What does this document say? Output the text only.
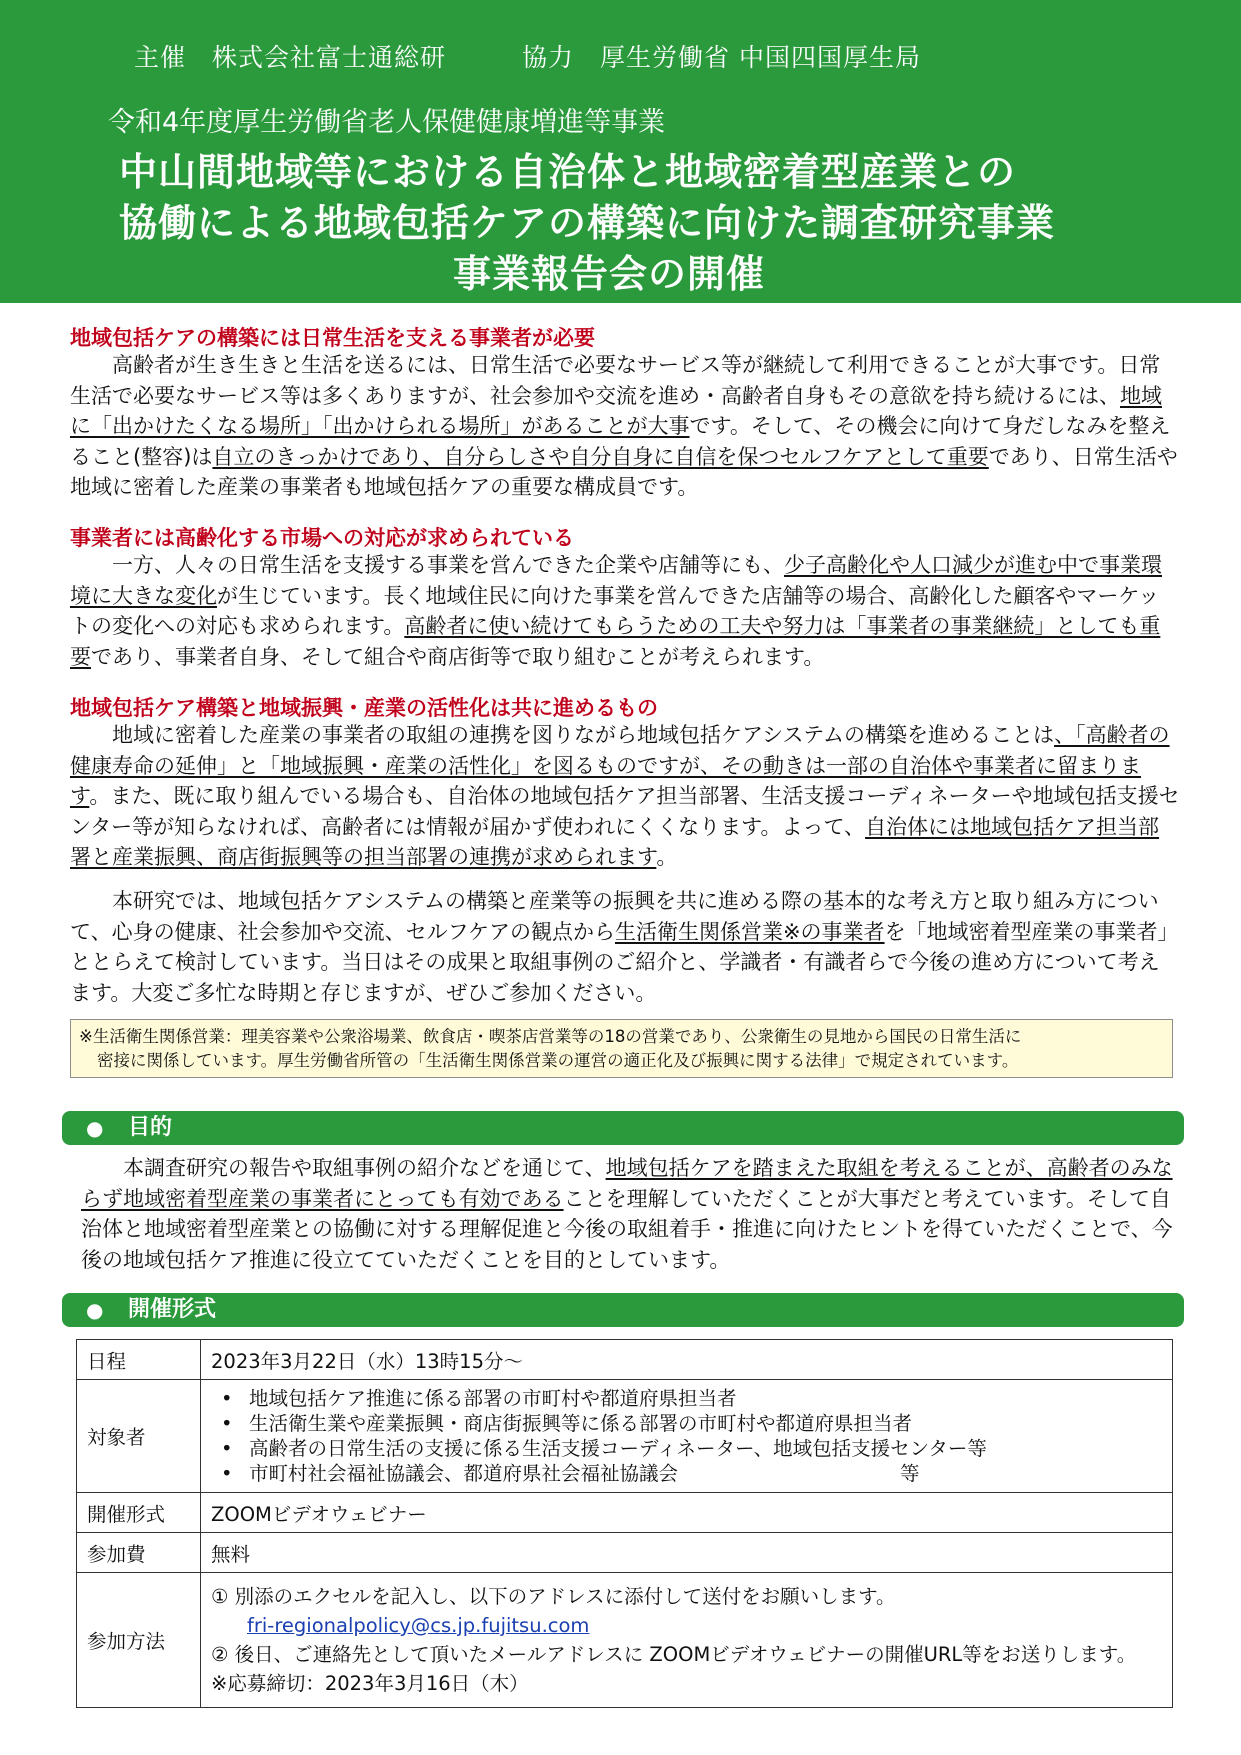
主催　株式会社富士通総研	協力　厚生労働省 中国四国厚生局
令和4年度厚生労働省老人保健健康増進等事業
中山間地域等における自治体と地域密着型産業との
協働による地域包括ケアの構築に向けた調査研究事業
事業報告会の開催
地域包括ケアの構築には日常生活を支える事業者が必要

高齢者が生き生きと生活を送るには、日常生活で必要なサービス等が継続して利用できることが大事です。日常生活で必要なサービス等は多くありますが、社会参加や交流を進め・高齢者自身もその意欲を持ち続けるには、地域に「出かけたくなる場所」「出かけられる場所」があることが大事です。そして、その機会に向けて身だしなみを整えること(整容)は自立のきっかけであり、自分らしさや自分自身に自信を保つセルフケアとして重要であり、日常生活や地域に密着した産業の事業者も地域包括ケアの重要な構成員です。

事業者には高齢化する市場への対応が求められている

一方、人々の日常生活を支援する事業を営んできた企業や店舗等にも、少子高齢化や人口減少が進む中で事業環境に大きな変化が生じています。長く地域住民に向けた事業を営んできた店舗等の場合、高齢化した顧客やマーケットの変化への対応も求められます。高齢者に使い続けてもらうための工夫や努力は「事業者の事業継続」としても重要であり、事業者自身、そして組合や商店街等で取り組むことが考えられます。

地域包括ケア構築と地域振興・産業の活性化は共に進めるもの

地域に密着した産業の事業者の取組の連携を図りながら地域包括ケアシステムの構築を進めることは、「高齢者の健康寿命の延伸」と「地域振興・産業の活性化」を図るものですが、その動きは一部の自治体や事業者に留まります。また、既に取り組んでいる場合も、自治体の地域包括ケア担当部署、生活支援コーディネーターや地域包括支援センター等が知らなければ、高齢者には情報が届かず使われにくくなります。よって、自治体には地域包括ケア担当部署と産業振興、商店街振興等の担当部署の連携が求められます。

本研究では、地域包括ケアシステムの構築と産業等の振興を共に進める際の基本的な考え方と取り組み方について、心身の健康、社会参加や交流、セルフケアの観点から生活衛生関係営業※の事業者を「地域密着型産業の事業者」ととらえて検討しています。当日はその成果と取組事例のご紹介と、学識者・有識者らで今後の進め方について考えます。大変ご多忙な時期と存じますが、ぜひご参加ください。

※生活衛生関係営業：理美容業や公衆浴場業、飲食店・喫茶店営業等の18の営業であり、公衆衛生の見地から国民の日常生活に
密接に関係しています。厚生労働省所管の「生活衛生関係営業の運営の適正化及び振興に関する法律」で規定されています。
● 目的

本調査研究の報告や取組事例の紹介などを通じて、地域包括ケアを踏まえた取組を考えることが、高齢者のみならず地域密着型産業の事業者にとっても有効であることを理解していただくことが大事だと考えています。そして自治体と地域密着型産業との協働に対する理解促進と今後の取組着手・推進に向けたヒントを得ていただくことで、今後の地域包括ケア推進に役立てていただくことを目的としています。

● 開催形式
日程	2023年3月22日（水）13時15分～
対象者	• 地域包括ケア推進に係る部署の市町村や都道府県担当者
• 生活衛生業や産業振興・商店街振興等に係る部署の市町村や都道府県担当者
• 高齢者の日常生活の支援に係る生活支援コーディネーター、地域包括支援センター等
• 市町村社会福祉協議会、都道府県社会福祉協議会 等

開催形式	ZOOMビデオウェビナー
参加費	無料
参加方法	① 別添のエクセルを記入し、以下のアドレスに添付して送付をお願いします。
fri-regionalpolicy@cs.jp.fujitsu.com
② 後日、ご連絡先として頂いたメールアドレスに ZOOMビデオウェビナーの開催URL等をお送りします。
※応募締切：2023年3月16日（木）
